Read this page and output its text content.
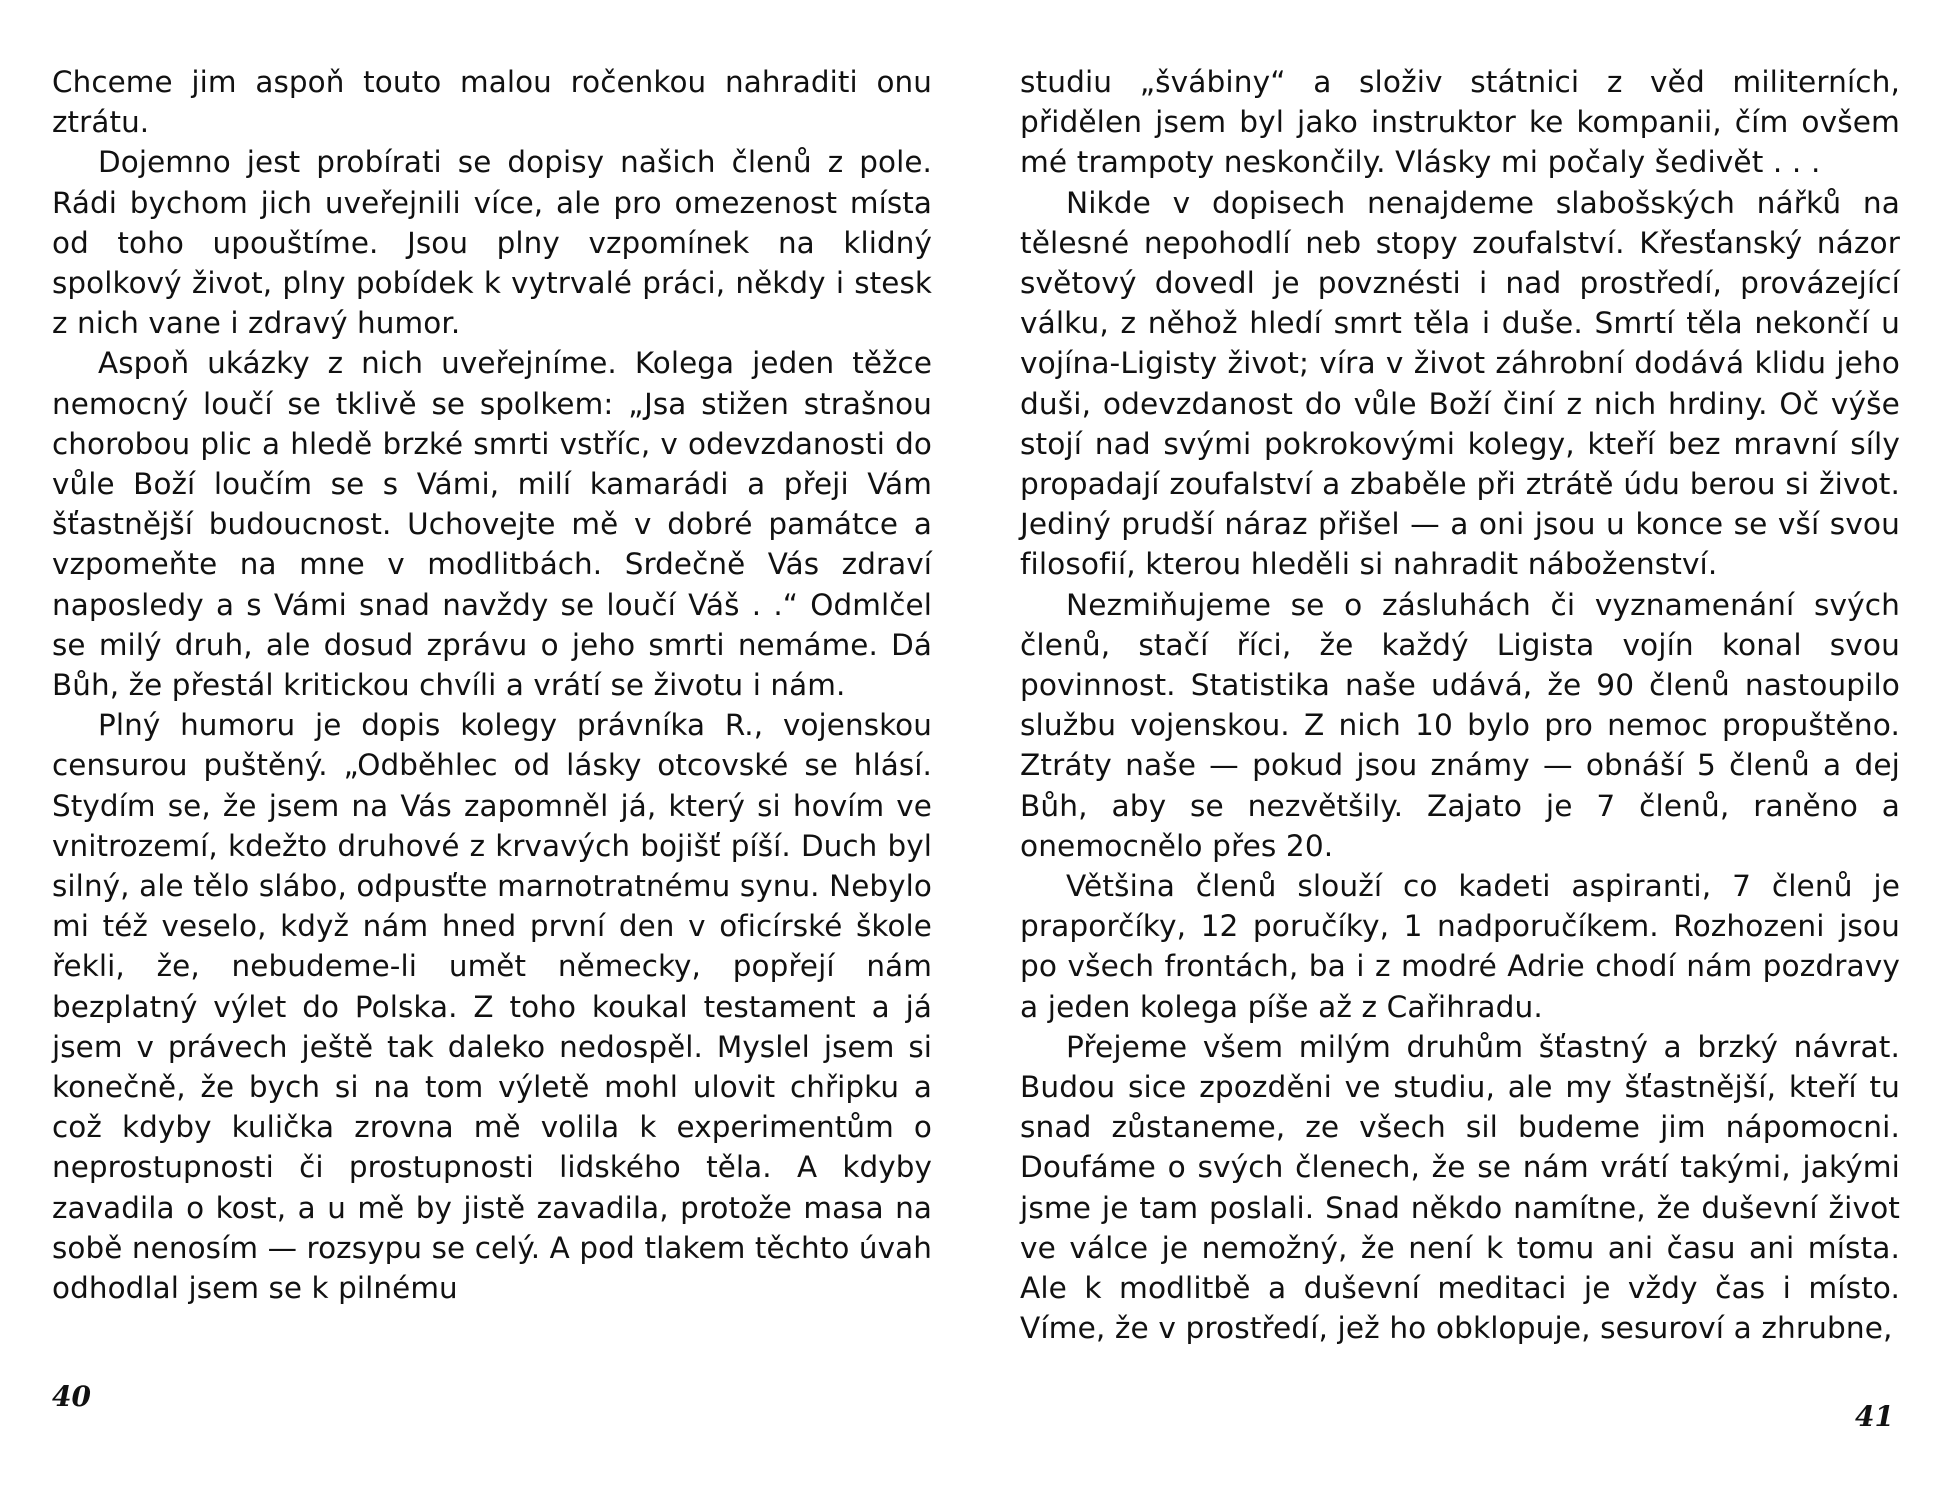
Chceme jim aspoň touto malou ročenkou nahraditi onu ztrátu.

Dojemno jest probírati se dopisy našich členů z pole. Rádi bychom jich uveřejnili více, ale pro omezenost místa od toho upouštíme. Jsou plny vzpomínek na klidný spolkový život, plny pobídek k vytrvalé práci, někdy i stesk z nich vane i zdravý humor.

Aspoň ukázky z nich uveřejníme. Kolega jeden těžce nemocný loučí se tklivě se spolkem: „Jsa stižen strašnou chorobou plic a hledě brzké smrti vstříc, v odevzdanosti do vůle Boží loučím se s Vámi, milí kamarádi a přeji Vám šťastnější budoucnost. Uchovejte mě v dobré památce a vzpomeňte na mne v modlitbách. Srdečně Vás zdraví naposledy a s Vámi snad navždy se loučí Váš . .“ Odmlčel se milý druh, ale dosud zprávu o jeho smrti nemáme. Dá Bůh, že přestál kritickou chvíli a vrátí se životu i nám.

Plný humoru je dopis kolegy právníka R., vojenskou censurou puštěný. „Odběhlec od lásky otcovské se hlásí. Stydím se, že jsem na Vás zapomněl já, který si hovím ve vnitrozemí, kdežto druhové z krvavých bojišť píší. Duch byl silný, ale tělo slábo, odpusťte marnotratnému synu. Nebylo mi též veselo, když nám hned první den v oficírské škole řekli, že, nebudeme-li umět německy, popřejí nám bezplatný výlet do Polska. Z toho koukal testament a já jsem v právech ještě tak daleko nedospěl. Myslel jsem si konečně, že bych si na tom výletě mohl ulovit chřipku a což kdyby kulička zrovna mě volila k experimentům o neprostupnosti či prostupnosti lidského těla. A kdyby zavadila o kost, a u mě by jistě zavadila, protože masa na sobě nenosím — rozsypu se celý. A pod tlakem těchto úvah odhodlal jsem se k pilnému

40

studiu „švábiny“ a složiv státnici z věd militerních, přidělen jsem byl jako instruktor ke kompanii, čím ovšem mé trampoty neskončily. Vlásky mi počaly šedivět . . .

Nikde v dopisech nenajdeme slabošských nářků na tělesné nepohodlí neb stopy zoufalství. Křesťanský názor světový dovedl je povznésti i nad prostředí, provázející válku, z něhož hledí smrt těla i duše. Smrtí těla nekončí u vojína-Ligisty život; víra v život záhrobní dodává klidu jeho duši, odevzdanost do vůle Boží činí z nich hrdiny. Oč výše stojí nad svými pokrokovými kolegy, kteří bez mravní síly propadají zoufalství a zbaběle při ztrátě údu berou si život. Jediný prudší náraz přišel — a oni jsou u konce se vší svou filosofií, kterou hleděli si nahradit náboženství.

Nezmiňujeme se o zásluhách či vyznamenání svých členů, stačí říci, že každý Ligista vojín konal svou povinnost. Statistika naše udává, že 90 členů nastoupilo službu vojenskou. Z nich 10 bylo pro nemoc propuštěno. Ztráty naše — pokud jsou známy — obnáší 5 členů a dej Bůh, aby se nezvětšily. Zajato je 7 členů, raněno a onemocnělo přes 20.

Většina členů slouží co kadeti aspiranti, 7 členů je praporčíky, 12 poručíky, 1 nadporučíkem. Rozhozeni jsou po všech frontách, ba i z modré Adrie chodí nám pozdravy a jeden kolega píše až z Cařihradu.

Přejeme všem milým druhům šťastný a brzký návrat. Budou sice zpozděni ve studiu, ale my šťastnější, kteří tu snad zůstaneme, ze všech sil budeme jim nápomocni. Doufáme o svých členech, že se nám vrátí takými, jakými jsme je tam poslali. Snad někdo namítne, že duševní život ve válce je nemožný, že není k tomu ani času ani místa. Ale k modlitbě a duševní meditaci je vždy čas i místo. Víme, že v prostředí, jež ho obklopuje, sesuroví a zhrubne,

41
